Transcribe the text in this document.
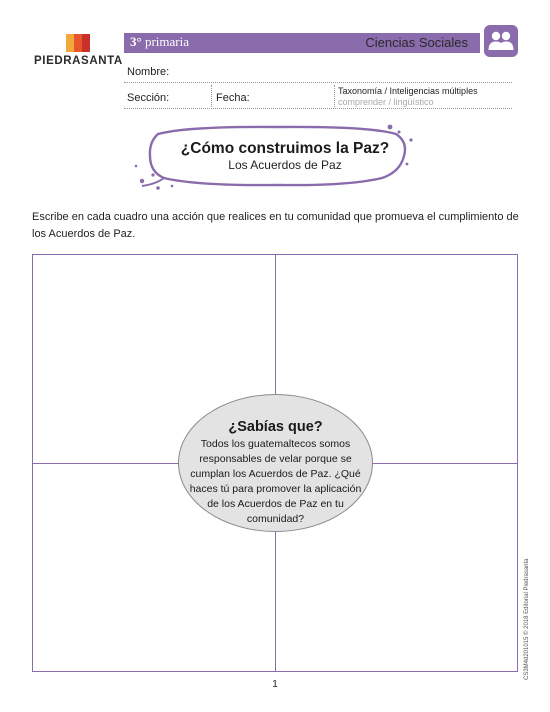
PIEDRASANTA
3° primaria	Ciencias Sociales
Nombre:
Sección:	Fecha:
Taxonomía / Inteligencias múltiples
comprender / lingüístico
¿Cómo construimos la Paz?
Los Acuerdos de Paz
Escribe en cada cuadro una acción que realices en tu comunidad que promueva el cumplimiento de los Acuerdos de Paz.
¿Sabías que?
Todos los guatemaltecos somos responsables de velar porque se cumplan los Acuerdos de Paz. ¿Qué haces tú para promover la aplicación de los Acuerdos de Paz en tu comunidad?
1
CS3M4d201015 © 2018 Editorial Piedrasanta
